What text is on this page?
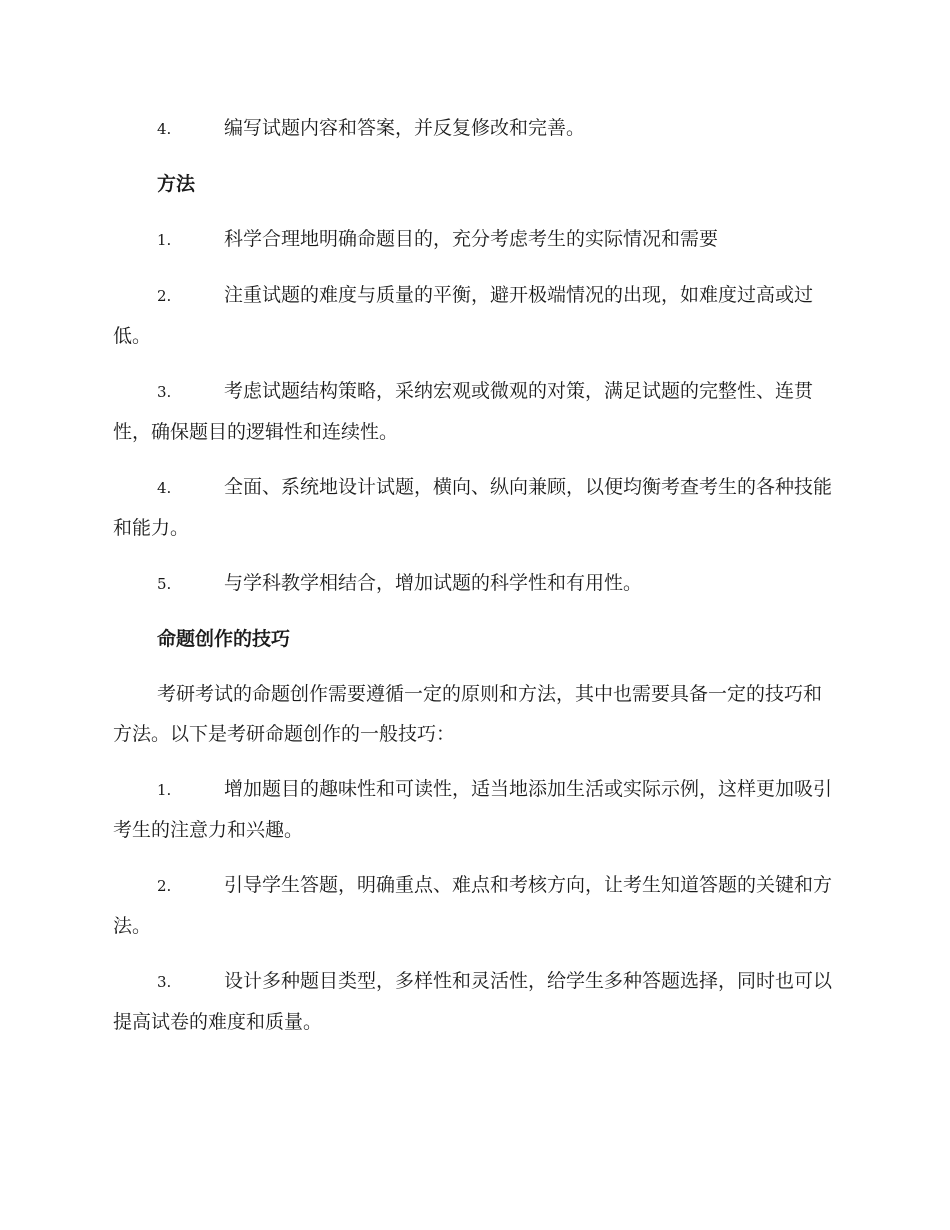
4.	编写试题内容和答案，并反复修改和完善。

方法

1.	科学合理地明确命题目的，充分考虑考生的实际情况和需要

2.	注重试题的难度与质量的平衡，避开极端情况的出现，如难度过高或过低。

3.	考虑试题结构策略，采纳宏观或微观的对策，满足试题的完整性、连贯性，确保题目的逻辑性和连续性。

4.	全面、系统地设计试题，横向、纵向兼顾，以便均衡考查考生的各种技能和能力。

5.	与学科教学相结合，增加试题的科学性和有用性。

命题创作的技巧

考研考试的命题创作需要遵循一定的原则和方法，其中也需要具备一定的技巧和方法。以下是考研命题创作的一般技巧：

1.	增加题目的趣味性和可读性，适当地添加生活或实际示例，这样更加吸引考生的注意力和兴趣。

2.	引导学生答题，明确重点、难点和考核方向，让考生知道答题的关键和方法。

3.	设计多种题目类型，多样性和灵活性，给学生多种答题选择，同时也可以提高试卷的难度和质量。
